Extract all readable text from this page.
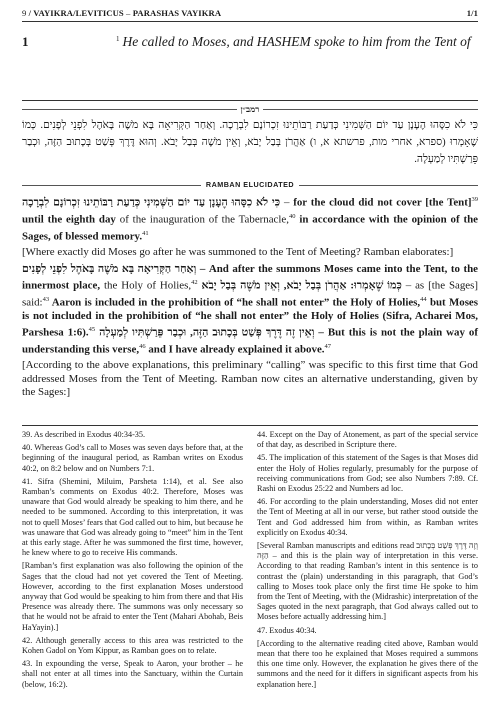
9 / VAYIKRA/LEVITICUS – PARASHAS VAYIKRA	1/1
1	$^1$ He called to Moses, and HASHEM spoke to him from the Tent of
רמב״ן
כִּי לֹא כִסָּהוּ הֶעָנָן עַד יוֹם הַשְּׁמִינִי כְּדַעַת רַבּוֹתֵינוּ זִכְרוֹנָם לִבְרָכָה. וְאַחַר הַקְּרִיאָה בָּא מֹשֶׁה בָּאֹהֶל לִפְנֵי לְפָנִים. כְּמוֹ שֶׁאָמְרוּ (ספרא, אחרי מות, פרשתא א, ו) אַהֲרֹן בְּבַל יָבֹא, וְאֵין מֹשֶׁה בְּבַל יָבֹא. וְהוּא דֶּרֶךְ פְּשַׁט בְּכָתוּב הַזֶּה, וּכְבַר פֵּרַשְׁתִּיו לְמַעְלָה.
RAMBAN ELUCIDATED

כִּי לֹא כִסָּהוּ הֶעָנָן עַד יוֹם הַשְּׁמִינִי כְּדַעַת רַבּוֹתֵינוּ זִכְרוֹנָם לִבְרָכָה – for the cloud did not cover [the Tent]$^{39}$ until the eighth day of the inauguration of the Tabernacle,$^{40}$ in accordance with the opinion of the Sages, of blessed memory.$^{41}$

[Where exactly did Moses go after he was summoned to the Tent of Meeting? Ramban elaborates:]

וְאַחַר הַקְּרִיאָה בָּא מֹשֶׁה בָּאֹהֶל לִפְנֵי לְפָנִים – And after the summons Moses came into the Tent, to the innermost place, the Holy of Holies,$^{42}$ כְּמוֹ שֶׁאָמְרוּ: אַהֲרֹן בְּבַל יָבֹא, וְאֵין מֹשֶׁה בְּבַל יָבֹא – as [the Sages] said:$^{43}$ Aaron is included in the prohibition of “he shall not enter” the Holy of Holies,$^{44}$ but Moses is not included in the prohibition of “he shall not enter” the Holy of Holies (Sifra, Acharei Mos, Parshesa 1:6).$^{45}$ וְאֵין זֶה דֶּרֶךְ פְּשַׁט בְּכָתוּב הַזֶּה, וּכְבַר פֵּרַשְׁתִּיו לְמַעְלָה – But this is not the plain way of understanding this verse,$^{46}$ and I have already explained it above.$^{47}$

[According to the above explanations, this preliminary “calling” was specific to this first time that God addressed Moses from the Tent of Meeting. Ramban now cites an alternative understanding, given by the Sages:]

39. As described in Exodus 40:34-35.

40. Whereas God’s call to Moses was seven days before that, at the beginning of the inaugural period, as Ramban writes on Exodus 40:2, on 8:2 below and on Numbers 7:1.

41. Sifra (Shemini, Miluim, Parsheta 1:14), et al. See also Ramban’s comments on Exodus 40:2. Therefore, Moses was unaware that God would already be speaking to him there, and he needed to be summoned. According to this interpretation, it was not to quell Moses’ fears that God called out to him, but because he was unaware that God was already going to “meet” him in the Tent at this early stage. After he was summoned the first time, however, he knew where to go to receive His commands.

[Ramban’s first explanation was also following the opinion of the Sages that the cloud had not yet covered the Tent of Meeting. However, according to the first explanation Moses understood anyway that God would be speaking to him from there and that His Presence was already there. The summons was only necessary so that he would not be afraid to enter the Tent (Mahari Abohab, Beis HaYayin).]

42. Although generally access to this area was restricted to the Kohen Gadol on Yom Kippur, as Ramban goes on to relate.

43. In expounding the verse, Speak to Aaron, your brother – he shall not enter at all times into the Sanctuary, within the Curtain (below, 16:2).

44. Except on the Day of Atonement, as part of the special service of that day, as described in Scripture there.

45. The implication of this statement of the Sages is that Moses did enter the Holy of Holies regularly, presumably for the purpose of receiving communications from God; see also Numbers 7:89. Cf. Rashi on Exodus 25:22 and Numbers ad loc.

46. For according to the plain understanding, Moses did not enter the Tent of Meeting at all in our verse, but rather stood outside the Tent and God addressed him from within, as Ramban writes explicitly on Exodus 40:34.

[Several Ramban manuscripts and editions read וְזֶה דֶּרֶךְ פְּשַׁט בְּכָתוּב הַזֶּה – and this is the plain way of interpretation in this verse. According to that reading Ramban’s intent in this sentence is to contrast the (plain) understanding in this paragraph, that God’s calling to Moses took place only the first time He spoke to him from the Tent of Meeting, with the (Midrashic) interpretation of the Sages quoted in the next paragraph, that God always called out to Moses before actually addressing him.]

47. Exodus 40:34.

[According to the alternative reading cited above, Ramban would mean that there too he explained that Moses required a summons this one time only. However, the explanation he gives there of the summons and the need for it differs in significant aspects from his explanation here.]
